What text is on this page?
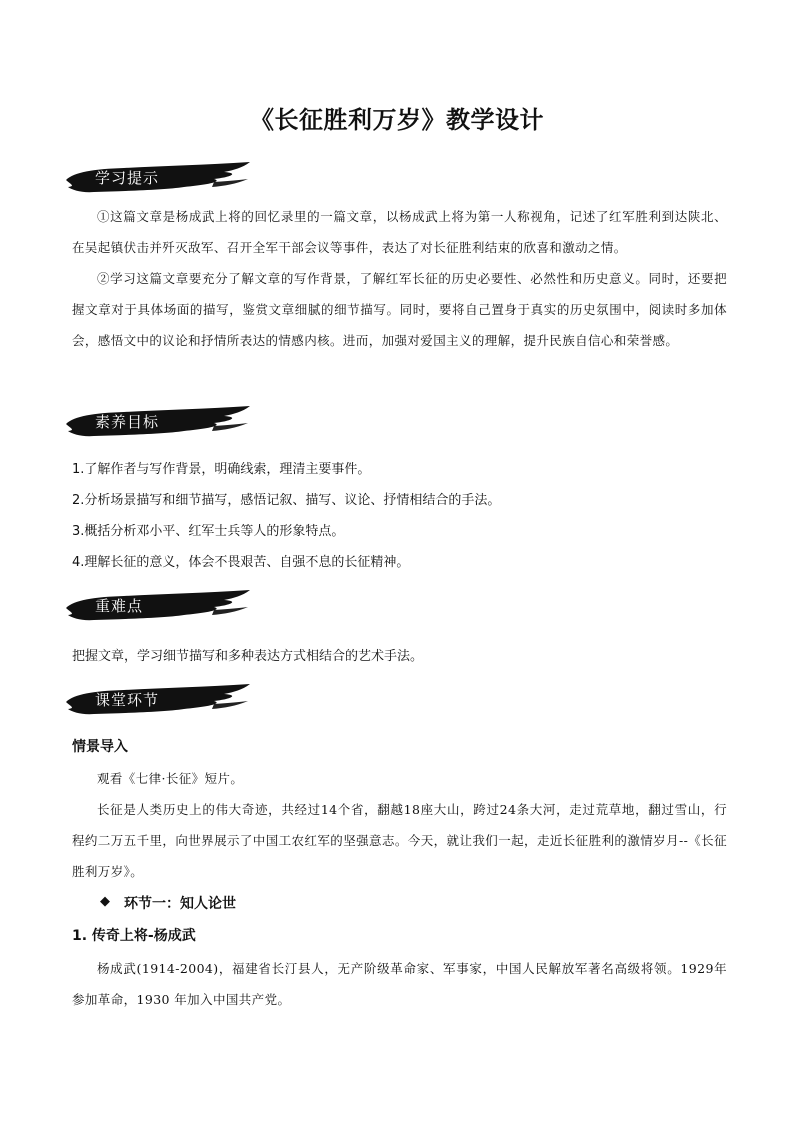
《长征胜利万岁》教学设计
学习提示

①这篇文章是杨成武上将的回忆录里的一篇文章，以杨成武上将为第一人称视角，记述了红军胜利到达陕北、在吴起镇伏击并歼灭敌军、召开全军干部会议等事件，表达了对长征胜利结束的欣喜和激动之情。

②学习这篇文章要充分了解文章的写作背景，了解红军长征的历史必要性、必然性和历史意义。同时，还要把握文章对于具体场面的描写，鉴赏文章细腻的细节描写。同时，要将自己置身于真实的历史氛围中，阅读时多加体会，感悟文中的议论和抒情所表达的情感内核。进而，加强对爱国主义的理解，提升民族自信心和荣誉感。

素养目标

1.了解作者与写作背景，明确线索，理清主要事件。

2.分析场景描写和细节描写，感悟记叙、描写、议论、抒情相结合的手法。

3.概括分析邓小平、红军士兵等人的形象特点。

4.理解长征的意义，体会不畏艰苦、自强不息的长征精神。

重难点

把握文章，学习细节描写和多种表达方式相结合的艺术手法。

课堂环节
情景导入

观看《七律·长征》短片。

长征是人类历史上的伟大奇迹，共经过14个省，翻越18座大山，跨过24条大河，走过荒草地，翻过雪山，行程约二万五千里，向世界展示了中国工农红军的坚强意志。今天，就让我们一起，走近长征胜利的激情岁月--《长征胜利万岁》。

◆ 环节一：知人论世
1. 传奇上将-杨成武

杨成武(1914-2004)，福建省长汀县人，无产阶级革命家、军事家，中国人民解放军著名高级将领。1929年参加革命，1930 年加入中国共产党。
